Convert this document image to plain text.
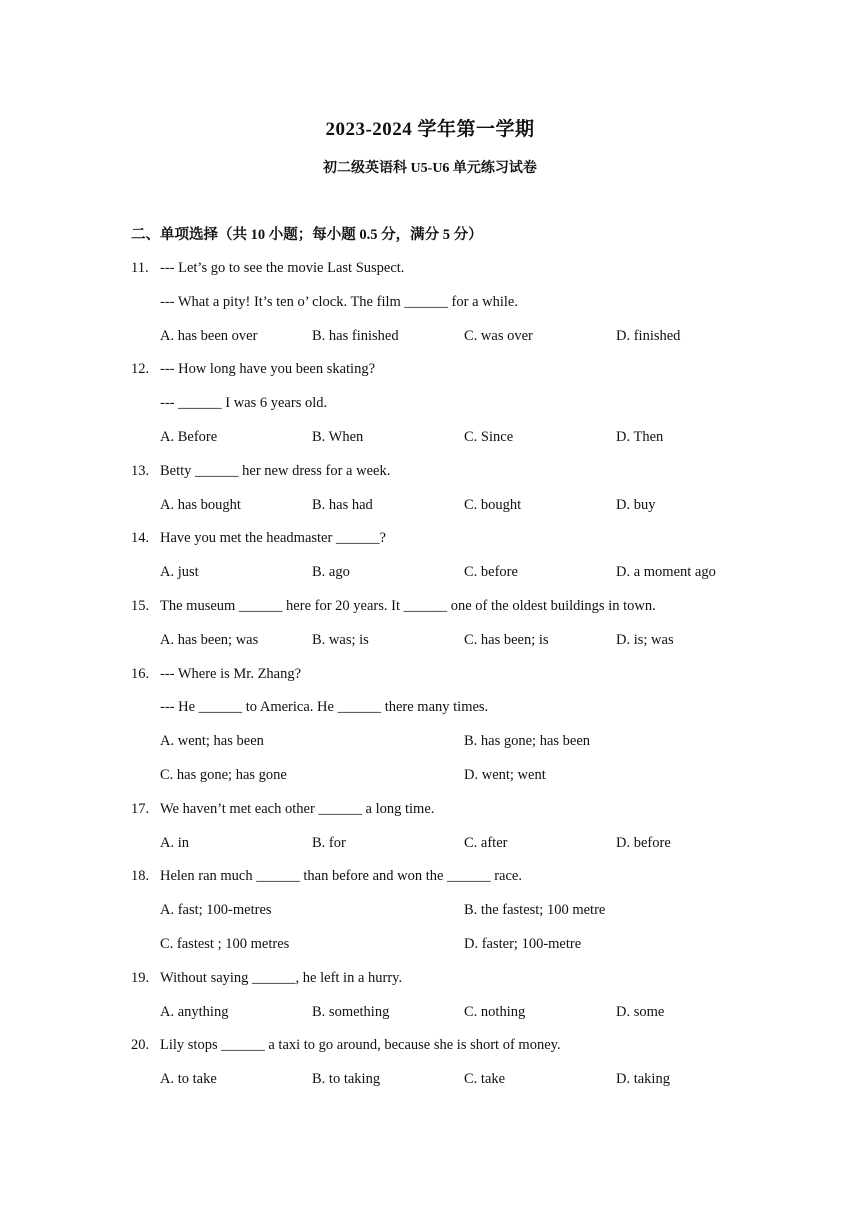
2023-2024 学年第一学期
初二级英语科 U5-U6 单元练习试卷
二、单项选择（共 10 小题；每小题 0.5 分，满分 5 分）
11. --- Let’s go to see the movie Last Suspect.
--- What a pity! It’s ten o’ clock. The film ______ for a while.
A. has been over	B. has finished	C. was over	D. finished
12. --- How long have you been skating?
--- ______ I was 6 years old.
A. Before	B. When	C. Since	D. Then
13. Betty ______ her new dress for a week.
A. has bought	B. has had	C. bought	D. buy
14. Have you met the headmaster ______?
A. just	B. ago	C. before	D. a moment ago
15. The museum ______ here for 20 years. It ______ one of the oldest buildings in town.
A. has been; was	B. was; is	C. has been; is	D. is; was
16. --- Where is Mr. Zhang?
--- He ______ to America. He ______ there many times.
A. went; has been	B. has gone; has been
C. has gone; has gone	D. went; went
17. We haven’t met each other ______ a long time.
A. in	B. for	C. after	D. before
18. Helen ran much ______ than before and won the ______ race.
A. fast; 100-metres	B. the fastest; 100 metre
C. fastest ; 100 metres	D. faster; 100-metre
19. Without saying ______, he left in a hurry.
A. anything	B. something	C. nothing	D. some
20. Lily stops ______ a taxi to go around, because she is short of money.
A. to take	B. to taking	C. take	D. taking
